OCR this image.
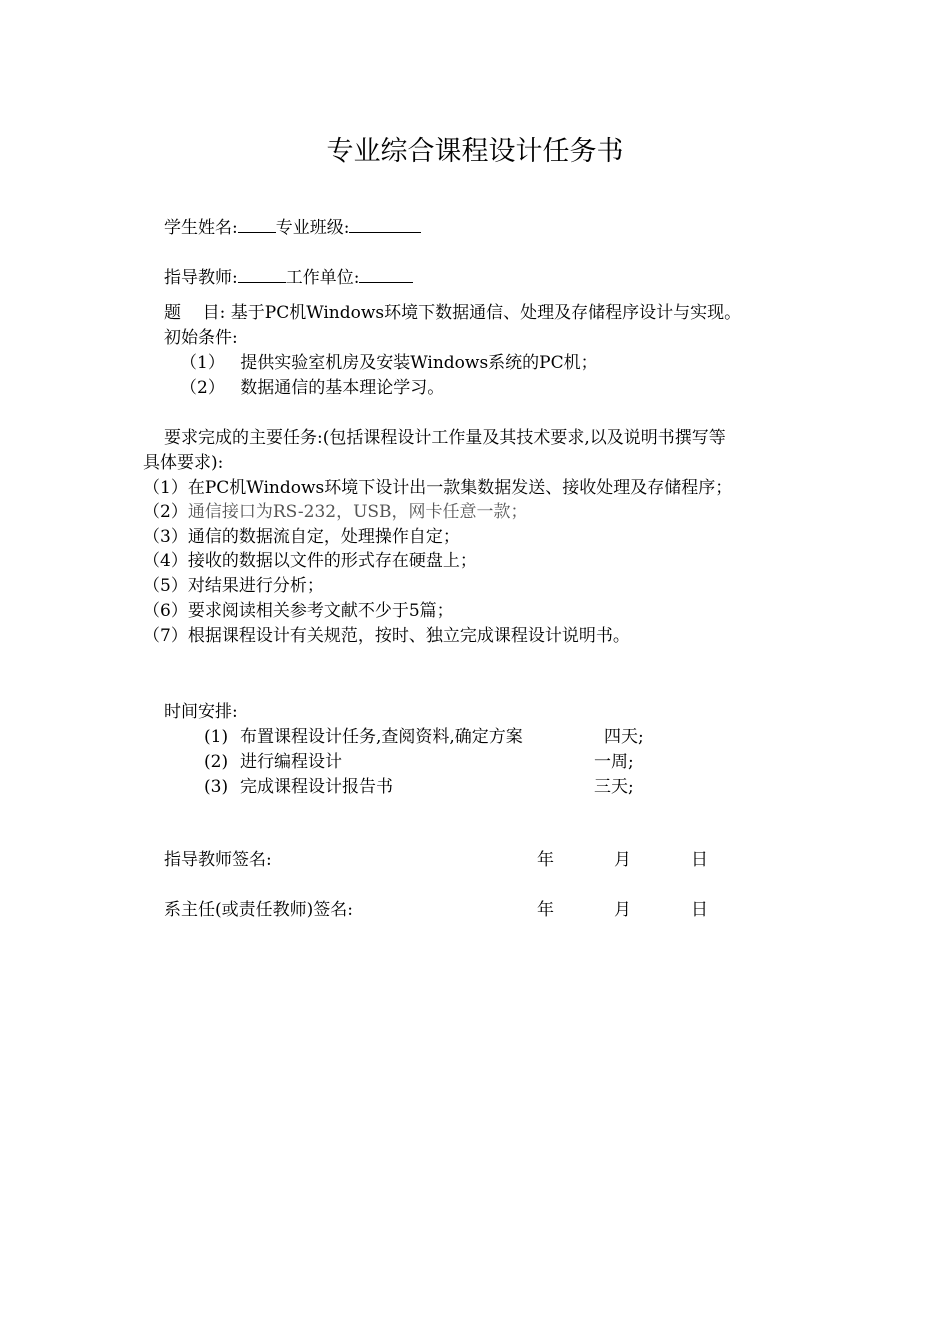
专业综合课程设计任务书
学生姓名: 专业班级:
指导教师:	工作单位:
题    目: 基于PC机Windows环境下数据通信、处理及存储程序设计与实现。
初始条件:
（1） 提供实验室机房及安装Windows系统的PC机；
（2） 数据通信的基本理论学习。
要求完成的主要任务:(包括课程设计工作量及其技术要求,以及说明书撰写等
具体要求):
（1）在PC机Windows环境下设计出一款集数据发送、接收处理及存储程序；
（2）通信接口为RS-232，USB，网卡任意一款；
（3）通信的数据流自定，处理操作自定；
（4）接收的数据以文件的形式存在硬盘上；
（5）对结果进行分析；
（6）要求阅读相关参考文献不少于5篇；
（7）根据课程设计有关规范，按时、独立完成课程设计说明书。
时间安排:
(1) 布置课程设计任务,查阅资料,确定方案	四天;
(2) 进行编程设计	一周;
(3) 完成课程设计报告书	三天;
指导教师签名:	年	月	日
系主任(或责任教师)签名:	年	月	日
